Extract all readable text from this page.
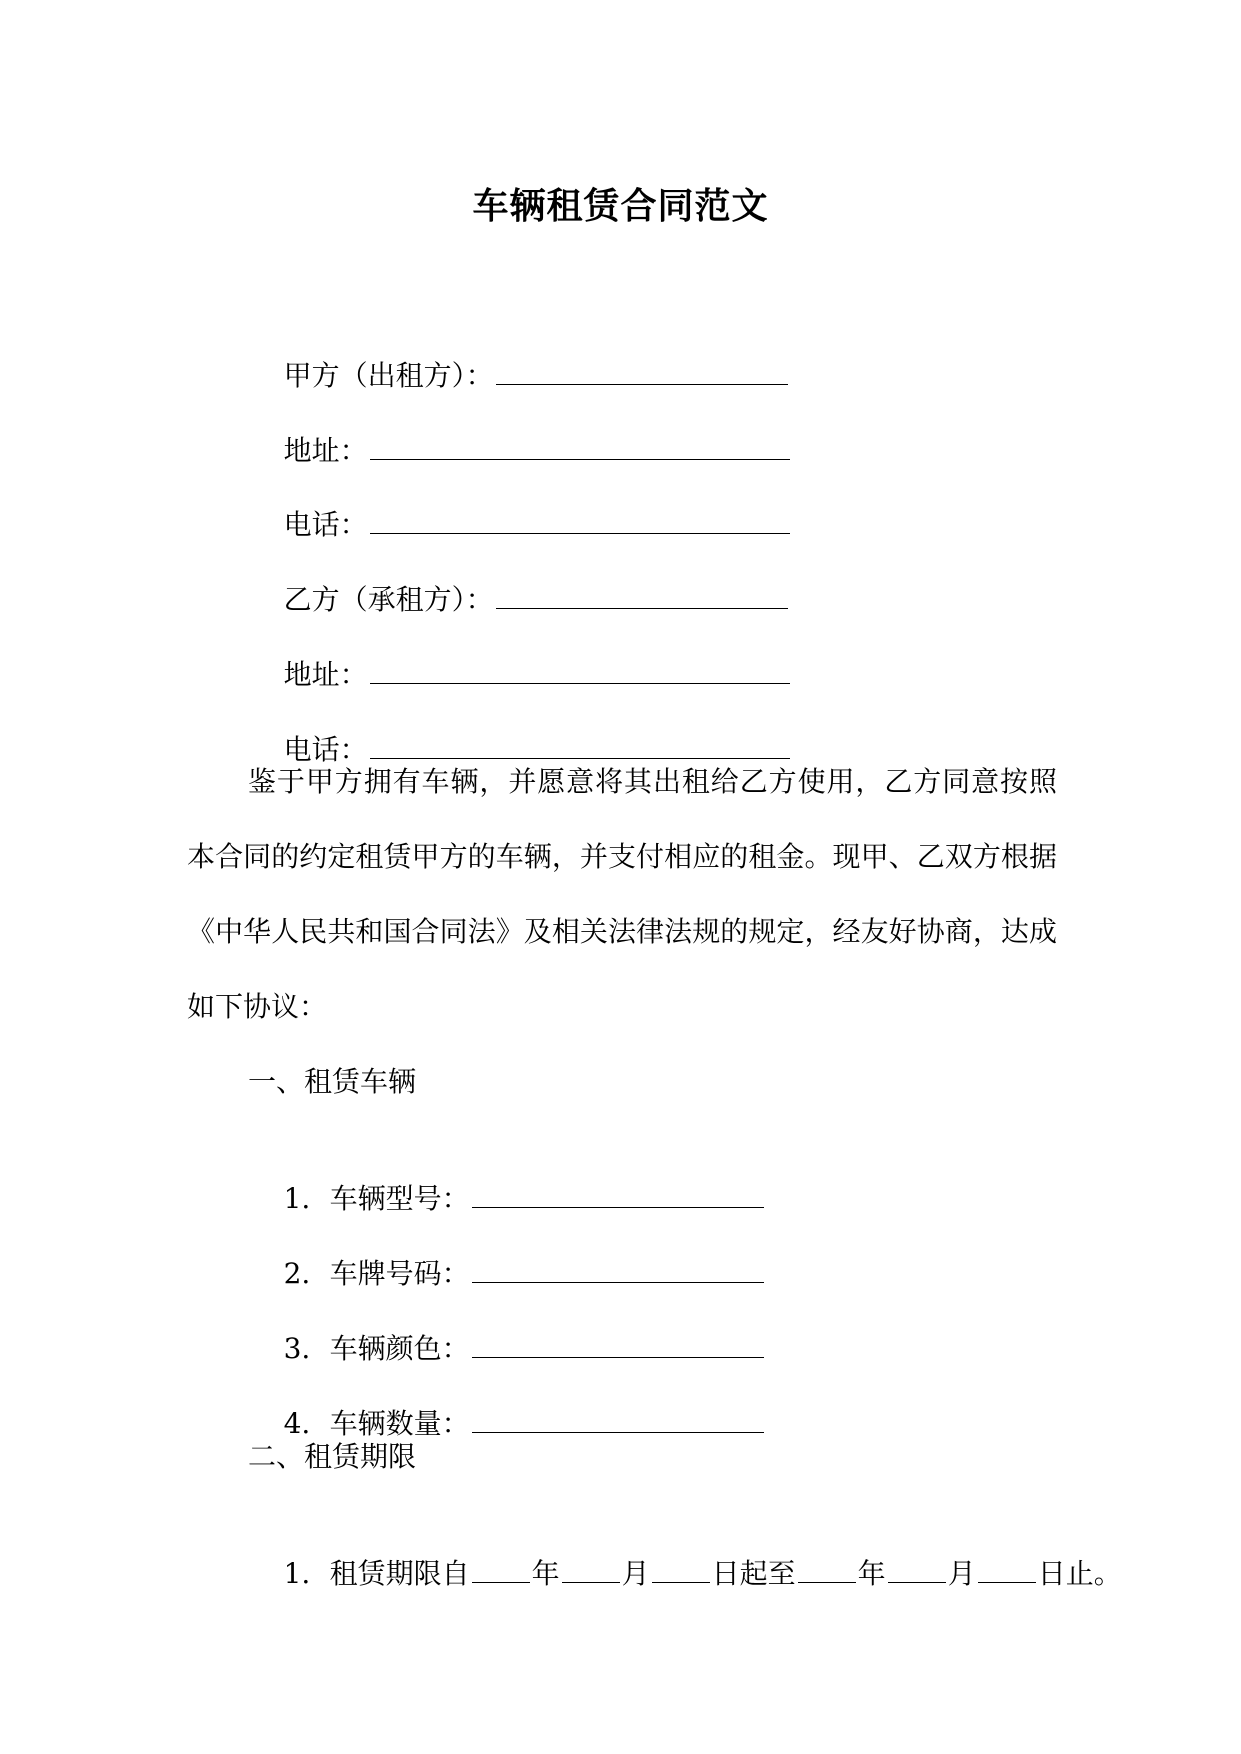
车辆租赁合同范文

甲方（出租方）：

地址：

电话：

乙方（承租方）：

地址：

电话：

鉴于甲方拥有车辆，并愿意将其出租给乙方使用，乙方同意按照本合同的约定租赁甲方的车辆，并支付相应的租金。现甲、乙双方根据《中华人民共和国合同法》及相关法律法规的规定，经友好协商，达成如下协议：
一、租赁车辆

1. 车辆型号：

2. 车牌号码：

3. 车辆颜色：

4. 车辆数量：

二、租赁期限

1. 租赁期限自 年 月 日起至 年 月 日止。
